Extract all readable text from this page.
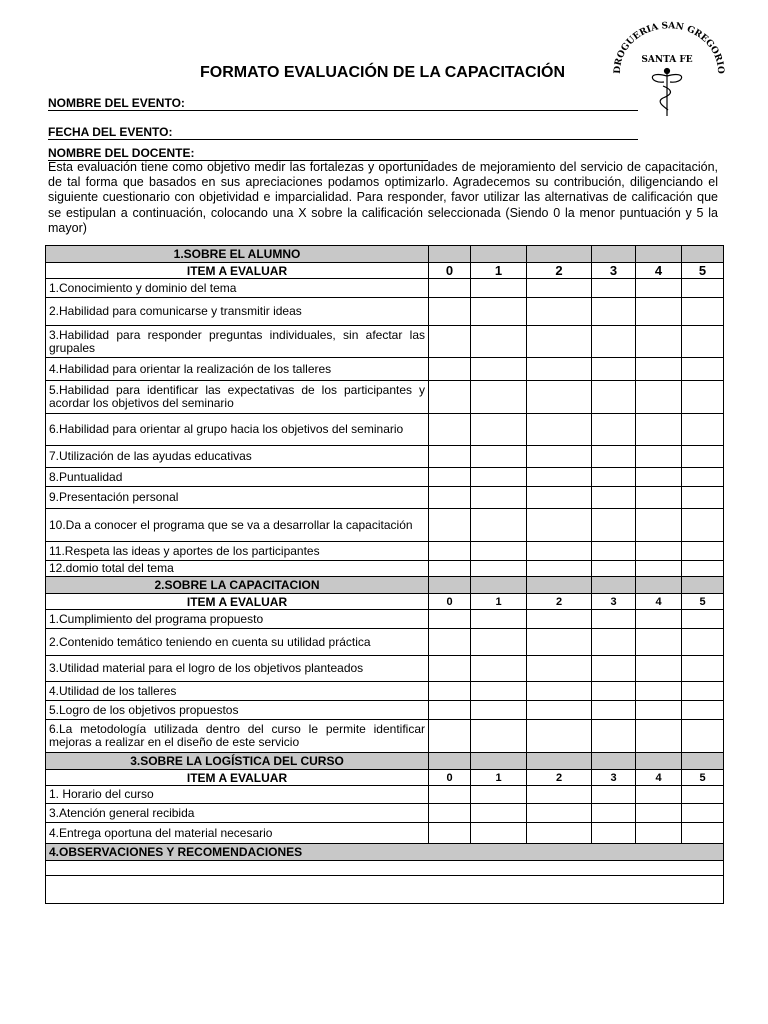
FORMATO EVALUACIÓN DE LA CAPACITACIÓN	DROGUERIA SAN GREGORIO
SANTA FE
NOMBRE DEL EVENTO:
FECHA DEL EVENTO:
NOMBRE DEL DOCENTE:
Esta evaluación tiene como objetivo medir las fortalezas y oportunidades de mejoramiento del servicio de capacitación, de tal forma que basados en sus apreciaciones podamos optimizarlo. Agradecemos su contribución, diligenciando el siguiente cuestionario con objetividad e imparcialidad. Para responder, favor utilizar las alternativas de calificación que se estipulan a continuación, colocando una X sobre la calificación seleccionada (Siendo 0 la menor puntuación y 5 la mayor)
1.SOBRE EL ALUMNO						
ITEM A EVALUAR	0	1	2	3	4	5
1.Conocimiento y dominio del tema						
2.Habilidad para comunicarse y transmitir ideas						
3.Habilidad para responder preguntas individuales, sin afectar las grupales						
4.Habilidad para orientar la realización de los talleres						
5.Habilidad para identificar las expectativas de los participantes y acordar los objetivos del seminario						
6.Habilidad para orientar al grupo hacia los objetivos del seminario						
7.Utilización de las ayudas educativas						
8.Puntualidad						
9.Presentación personal						
10.Da a conocer el programa que se va a desarrollar la capacitación						
11.Respeta las ideas y aportes de los participantes						
12.domio total del tema						
2.SOBRE LA CAPACITACION						
ITEM A EVALUAR	0	1	2	3	4	5
1.Cumplimiento del programa propuesto						
2.Contenido temático teniendo en cuenta su utilidad práctica						
3.Utilidad material para el logro de los objetivos planteados						
4.Utilidad de los talleres						
5.Logro de los objetivos propuestos						
6.La metodología utilizada dentro del curso le permite identificar mejoras a realizar en el diseño de este servicio						
3.SOBRE LA LOGÍSTICA DEL CURSO						
ITEM A EVALUAR	0	1	2	3	4	5
1. Horario del curso						
3.Atención general recibida						
4.Entrega oportuna del material necesario						
4.OBSERVACIONES Y RECOMENDACIONES						
